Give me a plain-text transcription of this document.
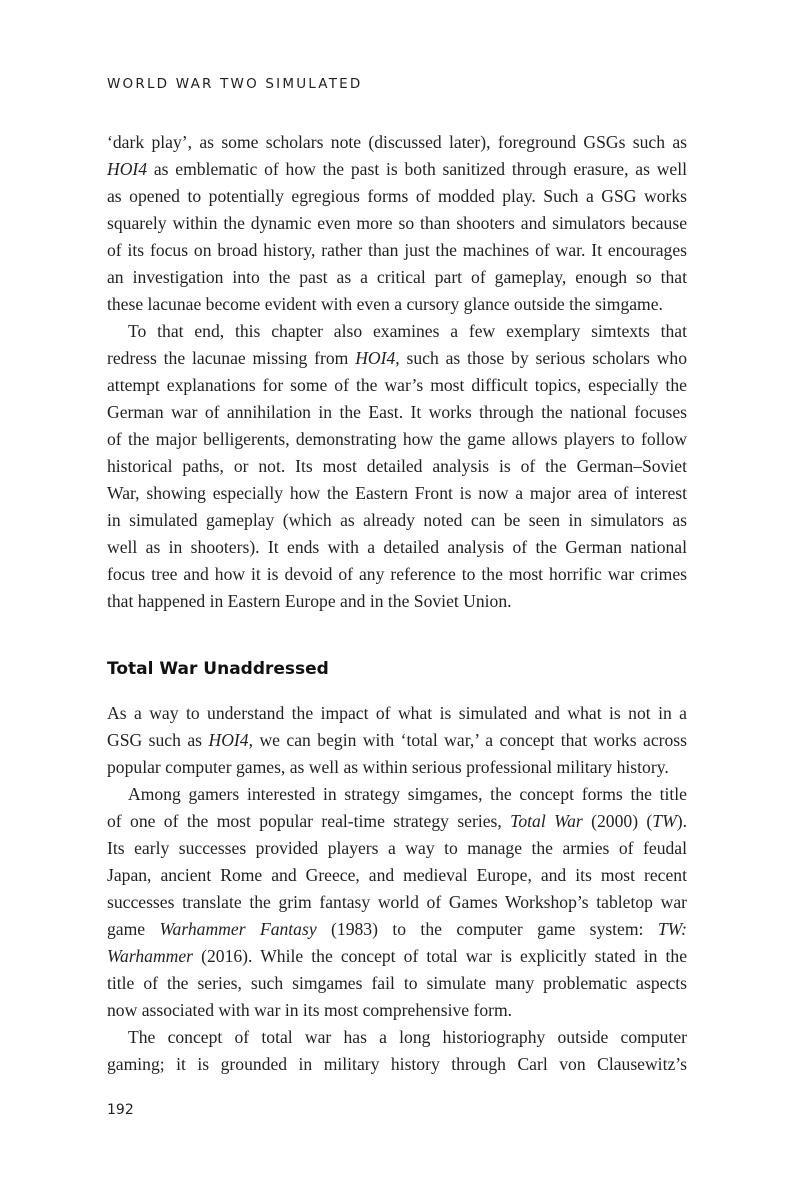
WORLD WAR TWO SIMULATED
‘dark play’, as some scholars note (discussed later), foreground GSGs such as
HOI4 as emblematic of how the past is both sanitized through erasure, as well
as opened to potentially egregious forms of modded play. Such a GSG works
squarely within the dynamic even more so than shooters and simulators because
of its focus on broad history, rather than just the machines of war. It encourages
an investigation into the past as a critical part of gameplay, enough so that
these lacunae become evident with even a cursory glance outside the simgame.
To that end, this chapter also examines a few exemplary simtexts that
redress the lacunae missing from HOI4, such as those by serious scholars who
attempt explanations for some of the war’s most difficult topics, especially the
German war of annihilation in the East. It works through the national focuses
of the major belligerents, demonstrating how the game allows players to follow
historical paths, or not. Its most detailed analysis is of the German–Soviet
War, showing especially how the Eastern Front is now a major area of interest
in simulated gameplay (which as already noted can be seen in simulators as
well as in shooters). It ends with a detailed analysis of the German national
focus tree and how it is devoid of any reference to the most horrific war crimes
that happened in Eastern Europe and in the Soviet Union.
Total War Unaddressed
As a way to understand the impact of what is simulated and what is not in a
GSG such as HOI4, we can begin with ‘total war,’ a concept that works across
popular computer games, as well as within serious professional military history.
Among gamers interested in strategy simgames, the concept forms the title
of one of the most popular real-time strategy series, Total War (2000) (TW).
Its early successes provided players a way to manage the armies of feudal
Japan, ancient Rome and Greece, and medieval Europe, and its most recent
successes translate the grim fantasy world of Games Workshop’s tabletop war
game Warhammer Fantasy (1983) to the computer game system: TW:
Warhammer (2016). While the concept of total war is explicitly stated in the
title of the series, such simgames fail to simulate many problematic aspects
now associated with war in its most comprehensive form.
The concept of total war has a long historiography outside computer
gaming; it is grounded in military history through Carl von Clausewitz’s
192
